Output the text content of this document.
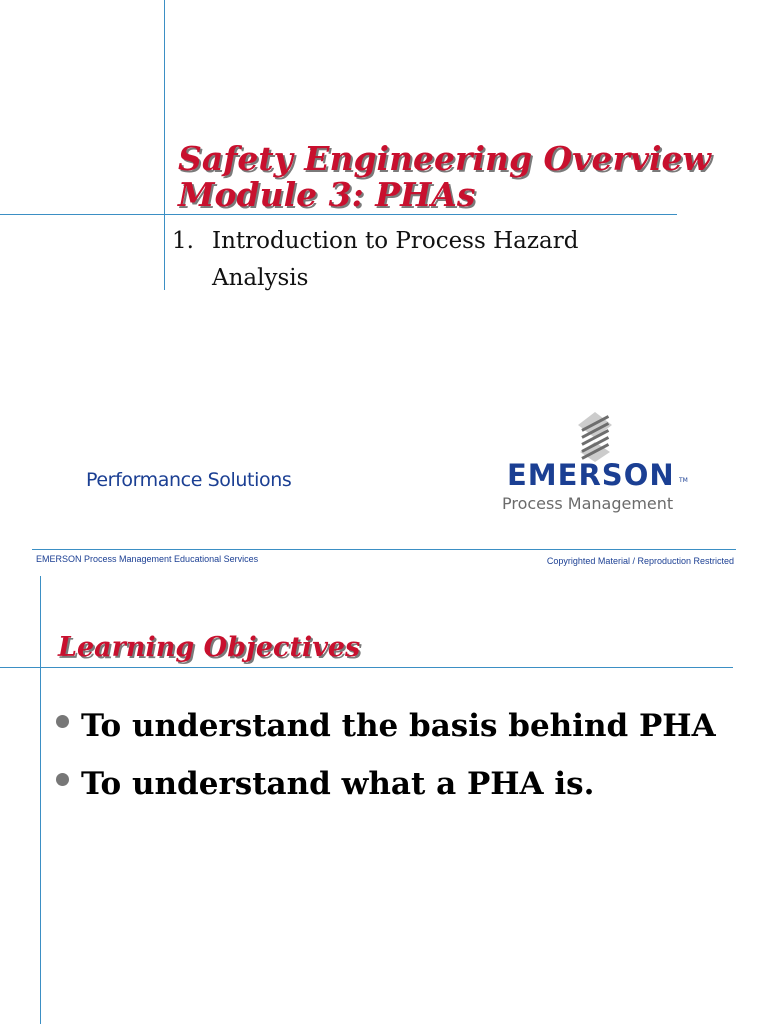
Safety Engineering Overview
Module 3: PHAs
1. Introduction to Process Hazard
Analysis
Performance Solutions	EMERSON TM
Process Management
EMERSON Process Management Educational Services	Copyrighted Material / Reproduction Restricted
Learning Objectives
To understand the basis behind PHA
To understand what a PHA is.
